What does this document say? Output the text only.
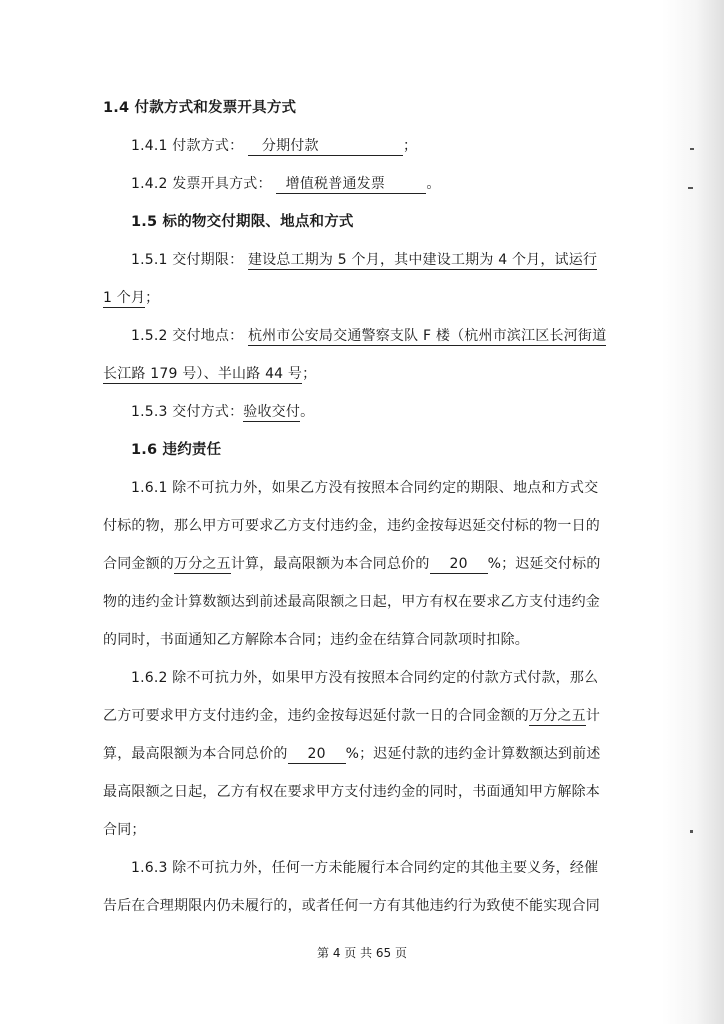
1.4 付款方式和发票开具方式
1.4.1 付款方式： 分期付款	；
1.4.2 发票开具方式： 增值税普通发票	。
1.5 标的物交付期限、地点和方式
1.5.1 交付期限： 建设总工期为 5 个月，其中建设工期为 4 个月，试运行
1 个月；
1.5.2 交付地点： 杭州市公安局交通警察支队 F 楼（杭州市滨江区长河街道
长江路 179 号）、半山路 44 号；
1.5.3 交付方式：验收交付。
1.6 违约责任
1.6.1 除不可抗力外，如果乙方没有按照本合同约定的期限、地点和方式交
付标的物，那么甲方可要求乙方支付违约金，违约金按每迟延交付标的物一日的
合同金额的万分之五计算，最高限额为本合同总价的 20 %；迟延交付标的
物的违约金计算数额达到前述最高限额之日起，甲方有权在要求乙方支付违约金
的同时，书面通知乙方解除本合同；违约金在结算合同款项时扣除。
1.6.2 除不可抗力外，如果甲方没有按照本合同约定的付款方式付款，那么
乙方可要求甲方支付违约金，违约金按每迟延付款一日的合同金额的万分之五计
算，最高限额为本合同总价的 20 %；迟延付款的违约金计算数额达到前述
最高限额之日起，乙方有权在要求甲方支付违约金的同时，书面通知甲方解除本
合同；
1.6.3 除不可抗力外，任何一方未能履行本合同约定的其他主要义务，经催
告后在合理期限内仍未履行的，或者任何一方有其他违约行为致使不能实现合同
第 4 页 共 65 页
